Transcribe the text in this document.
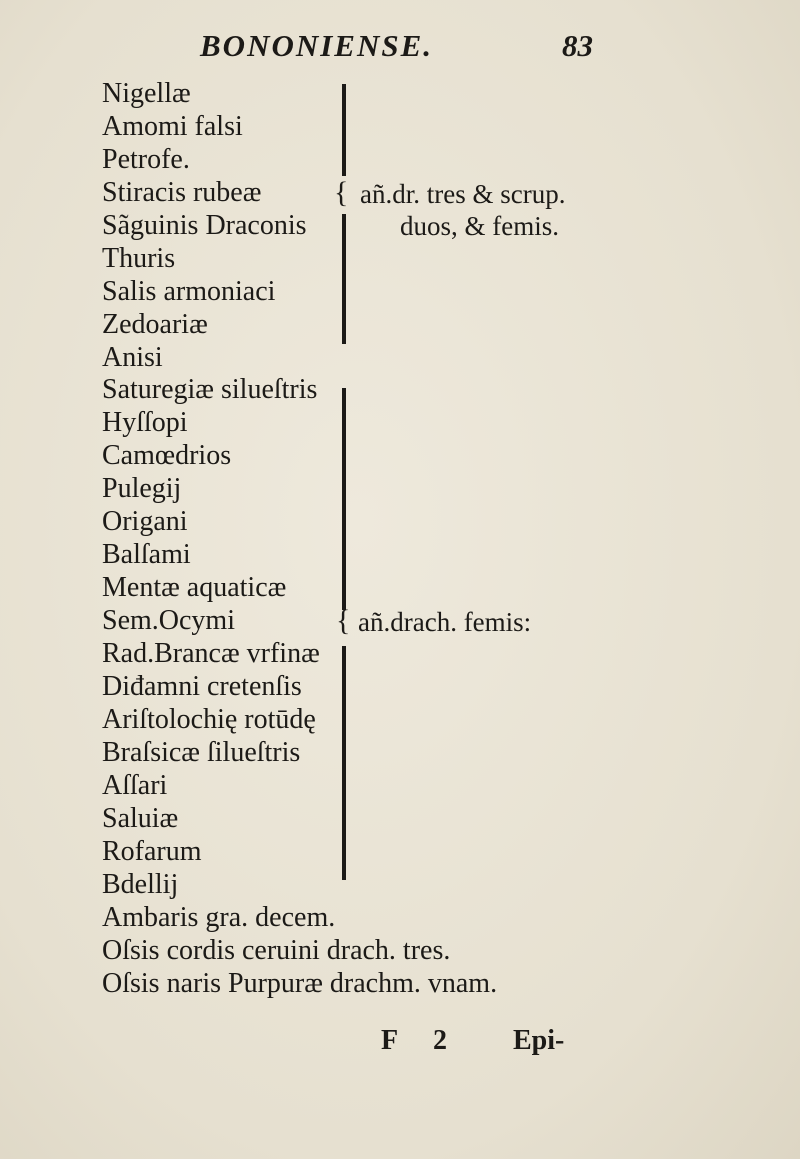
BONONIENSE.	83
Nigellæ
Amomi falsi
Petrofe.
Stiracis rubeæ
Sãguinis Draconis
Thuris
Salis armoniaci
Zedoariæ
Anisi
{ añ.dr. tres & scrup.
duos, & femis.
Saturegiæ silueſtris
Hyſſopi
Camœdrios
Pulegij
Origani
Balſami
Mentæ aquaticæ
Sem.Ocymi
Rad.Brancæ vrfinæ
Diđamni cretenſis
Ariſtolochię rotūdę
Braſsicæ ſilueſtris
Aſſari
Saluiæ
Rofarum
Bdellij
{ añ.drach. femis:
Ambaris gra. decem.
Oſsis cordis ceruini drach. tres.
Oſsis naris Purpuræ drachm. vnam.
F 2 Epi-
